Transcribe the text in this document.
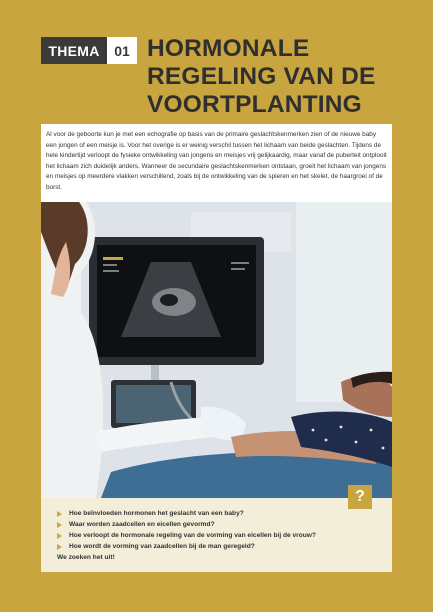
THEMA	01 HORMONALE
REGELING VAN DE
VOORTPLANTING

Al voor de geboorte kun je met een echografie op basis van de primaire geslachtskenmerken zien of de nieuwe baby een jongen of een meisje is. Voor het overige is er weinig verschil tussen het lichaam van beide geslachten. Tijdens de hele kindertijd verloopt de fysieke ontwikkeling van jongens en meisjes vrij gelijkaardig, maar vanaf de puberteit ontplooit het lichaam zich duidelijk anders. Wanneer de secundaire geslachtskenmerken ontstaan, groeit het lichaam van jongens en meisjes op meerdere vlakken verschillend, zoals bij de ontwikkeling van de spieren en het skelet, de haargroei of de borst.

?
Hoe beïnvloeden hormonen het geslacht van een baby?
Waar worden zaadcellen en eicellen gevormd?
Hoe verloopt de hormonale regeling van de vorming van eicellen bij de vrouw?
Hoe wordt de vorming van zaadcellen bij de man geregeld?
We zoeken het uit!
